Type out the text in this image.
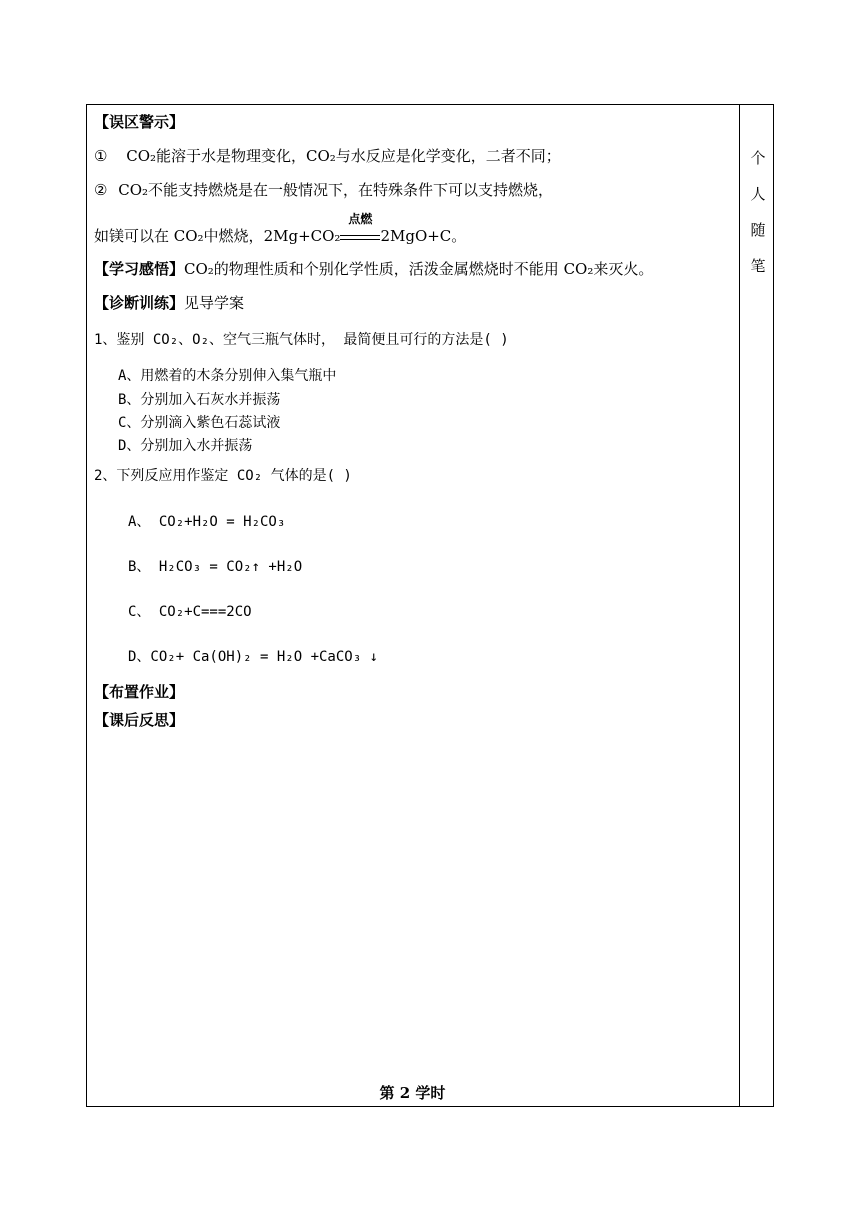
个
人
随
笔
【误区警示】
① CO₂能溶于水是物理变化，CO₂与水反应是化学变化，二者不同；
② CO₂不能支持燃烧是在一般情况下，在特殊条件下可以支持燃烧，
如镁可以在 CO₂中燃烧，2Mg+CO₂
点燃
2MgO+C。
【学习感悟】CO₂的物理性质和个别化学性质，活泼金属燃烧时不能用 CO₂来灭火。
【诊断训练】见导学案
1、鉴别 CO₂、O₂、空气三瓶气体时， 最简便且可行的方法是( )
A、用燃着的木条分别伸入集气瓶中
B、分别加入石灰水并振荡
C、分别滴入紫色石蕊试液
D、分别加入水并振荡
2、下列反应用作鉴定 CO₂ 气体的是( )
A、 CO₂+H₂O = H₂CO₃
B、 H₂CO₃ = CO₂↑ +H₂O
C、 CO₂+C===2CO
D、CO₂+ Ca(OH)₂ = H₂O +CaCO₃ ↓
【布置作业】
【课后反思】
第 2 学时
